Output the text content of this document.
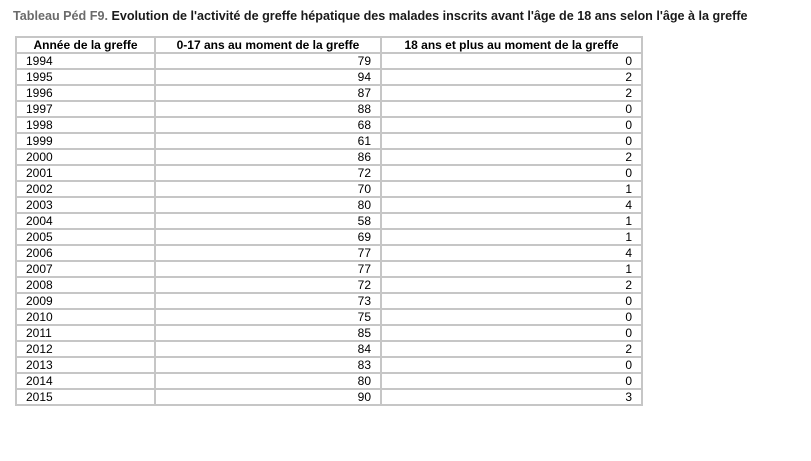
Tableau Péd F9. Evolution de l'activité de greffe hépatique des malades inscrits avant l'âge de 18 ans selon l'âge à la greffe
Année de la greffe	0-17 ans au moment de la greffe	18 ans et plus au moment de la greffe
1994	79	0
1995	94	2
1996	87	2
1997	88	0
1998	68	0
1999	61	0
2000	86	2
2001	72	0
2002	70	1
2003	80	4
2004	58	1
2005	69	1
2006	77	4
2007	77	1
2008	72	2
2009	73	0
2010	75	0
2011	85	0
2012	84	2
2013	83	0
2014	80	0
2015	90	3
